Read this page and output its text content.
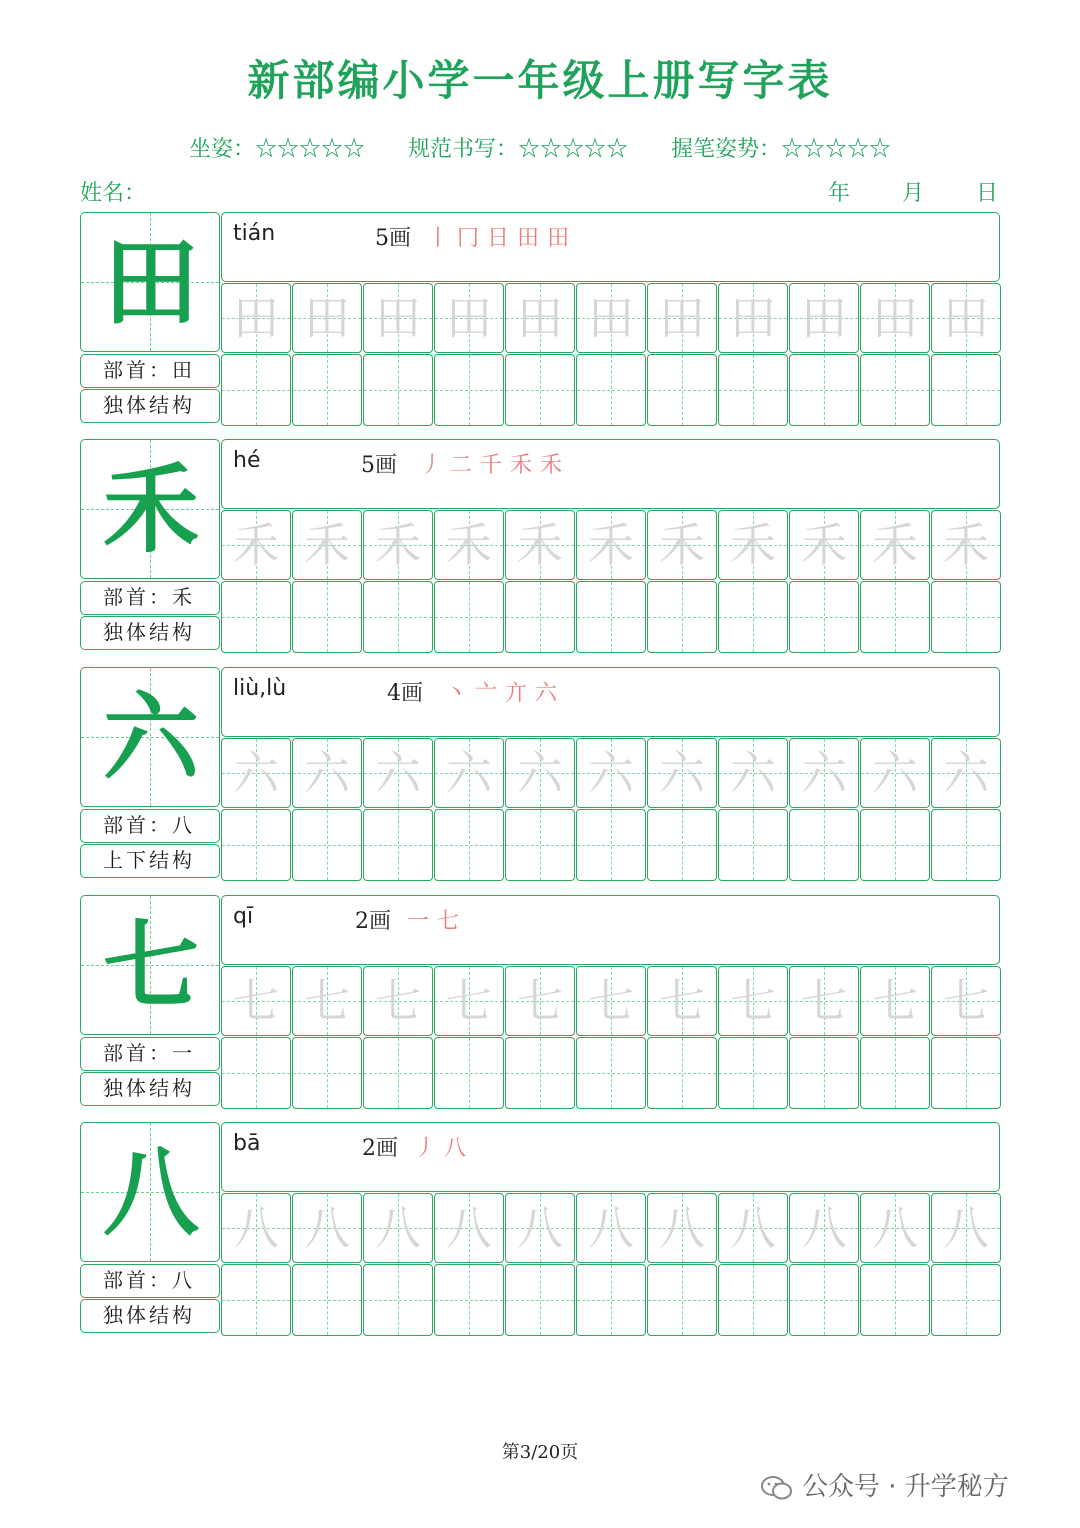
新部编小学一年级上册写字表
坐姿：☆☆☆☆☆ 规范书写：☆☆☆☆☆ 握笔姿势：☆☆☆☆☆
姓名：	年 月 日
田
部首：田
独体结构
tián	5画 丨 冂 日 田 田
田 田 田 田 田 田 田 田 田 田 田
禾
部首：禾
独体结构
hé	5画 丿 二 千 禾 禾
禾 禾 禾 禾 禾 禾 禾 禾 禾 禾 禾
六
部首：八
上下结构
liù,lù	4画 丶 亠 亣 六
六 六 六 六 六 六 六 六 六 六 六
七
部首：一
独体结构
qī	2画 一 七
七 七 七 七 七 七 七 七 七 七 七
八
部首：八
独体结构
bā	2画 丿 八
八 八 八 八 八 八 八 八 八 八 八
第3/20页
公众号 · 升学秘方
